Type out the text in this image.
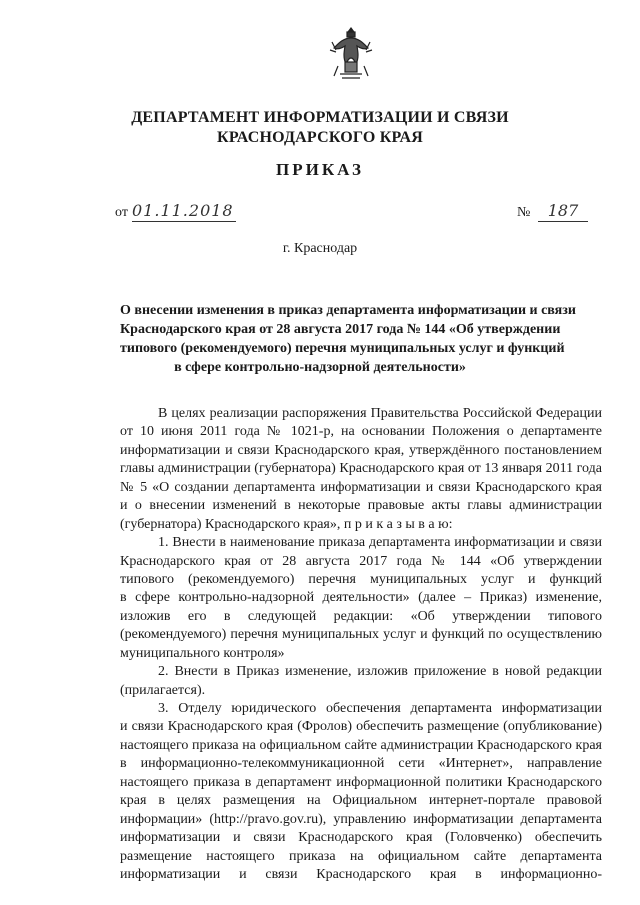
ДЕПАРТАМЕНТ ИНФОРМАТИЗАЦИИ И СВЯЗИ
КРАСНОДАРСКОГО КРАЯ
ПРИКАЗ
от 01.11.2018	№	187
г. Краснодар
О внесении изменения в приказ департамента информатизации и связи
Краснодарского края от 28 августа 2017 года № 144 «Об утверждении
типового (рекомендуемого) перечня муниципальных услуг и функций
в сфере контрольно-надзорной деятельности»
В целях реализации распоряжения Правительства Российской Федерации
от 10 июня 2011 года № 1021-р, на основании Положения о департаменте
информатизации и связи Краснодарского края, утверждённого постановлением
главы администрации (губернатора) Краснодарского края от 13 января 2011 года
№ 5 «О создании департамента информатизации и связи Краснодарского края
и о внесении изменений в некоторые правовые акты главы администрации
(губернатора) Краснодарского края», п р и к а з ы в а ю:
1. Внести в наименование приказа департамента информатизации и связи
Краснодарского края от 28 августа 2017 года № 144 «Об утверждении
типового (рекомендуемого) перечня муниципальных услуг и функций
в сфере контрольно-надзорной деятельности» (далее – Приказ) изменение,
изложив его в следующей редакции: «Об утверждении типового
(рекомендуемого) перечня муниципальных услуг и функций по осуществлению
муниципального контроля»
2. Внести в Приказ изменение, изложив приложение в новой редакции
(прилагается).
3. Отделу юридического обеспечения департамента информатизации
и связи Краснодарского края (Фролов) обеспечить размещение (опубликование)
настоящего приказа на официальном сайте администрации Краснодарского края
в информационно-телекоммуникационной сети «Интернет», направление
настоящего приказа в департамент информационной политики Краснодарского
края в целях размещения на Официальном интернет-портале правовой
информации» (http://pravo.gov.ru), управлению информатизации департамента
информатизации и связи Краснодарского края (Головченко) обеспечить
размещение настоящего приказа на официальном сайте департамента
информатизации и связи Краснодарского края в информационно-
